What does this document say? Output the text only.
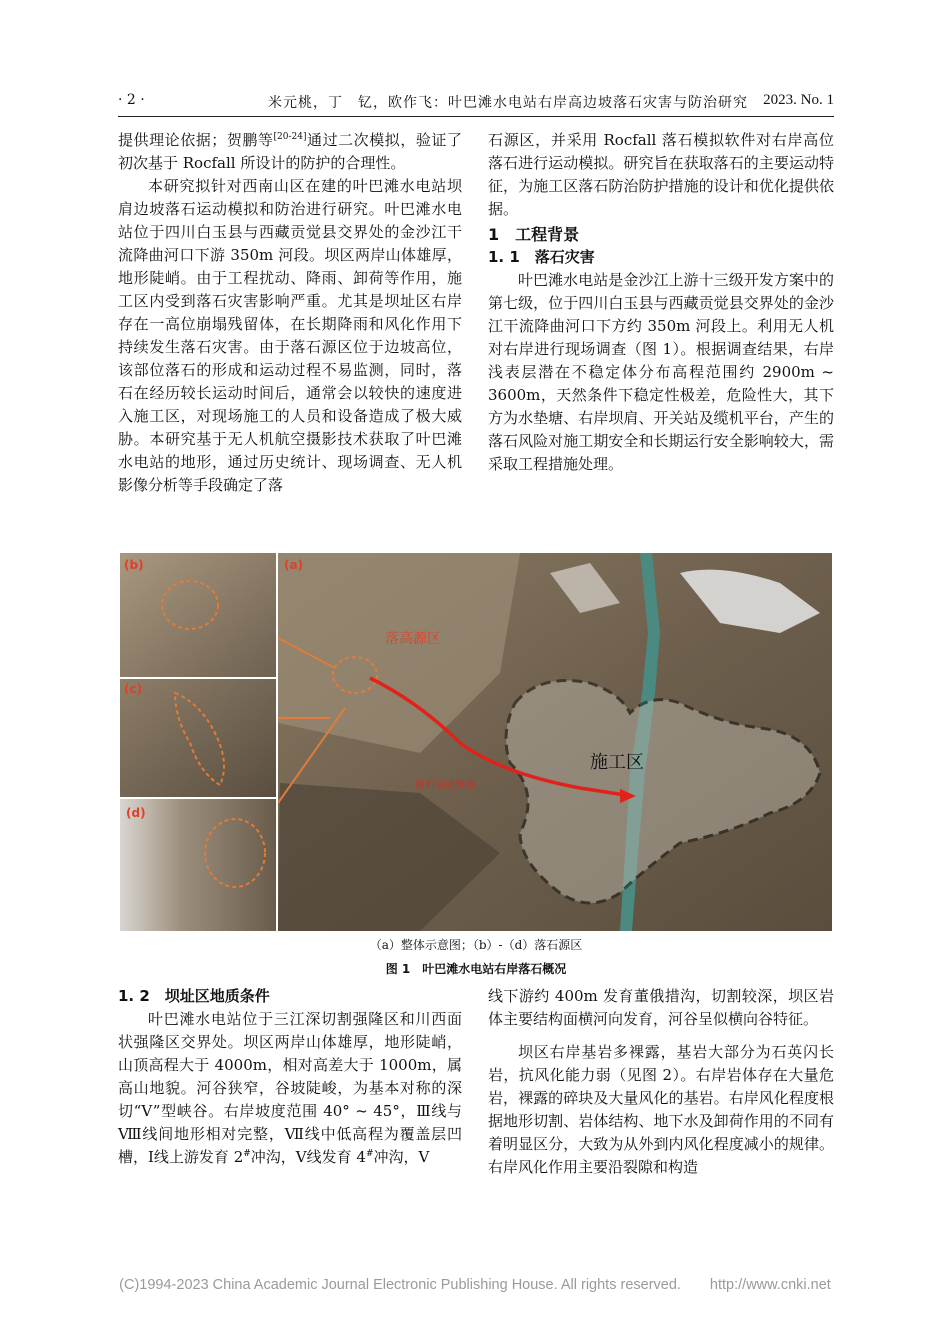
· 2 ·	米元桃，丁　钇，欧作飞：叶巴滩水电站右岸高边坡落石灾害与防治研究 2023. No. 1

提供理论依据；贺鹏等[20-24]通过二次模拟，验证了初次基于 Rocfall 所设计的防护的合理性。

本研究拟针对西南山区在建的叶巴滩水电站坝肩边坡落石运动模拟和防治进行研究。叶巴滩水电站位于四川白玉县与西藏贡觉县交界处的金沙江干流降曲河口下游 350m 河段。坝区两岸山体雄厚，地形陡峭。由于工程扰动、降雨、卸荷等作用，施工区内受到落石灾害影响严重。尤其是坝址区右岸存在一高位崩塌残留体，在长期降雨和风化作用下持续发生落石灾害。由于落石源区位于边坡高位，该部位落石的形成和运动过程不易监测，同时，落石在经历较长运动时间后，通常会以较快的速度进入施工区，对现场施工的人员和设备造成了极大威胁。本研究基于无人机航空摄影技术获取了叶巴滩水电站的地形，通过历史统计、现场调查、无人机影像分析等手段确定了落

石源区，并采用 Rocfall 落石模拟软件对右岸高位落石进行运动模拟。研究旨在获取落石的主要运动特征，为施工区落石防治防护措施的设计和优化提供依据。

1　工程背景

1. 1　落石灾害

叶巴滩水电站是金沙江上游十三级开发方案中的第七级，位于四川白玉县与西藏贡觉县交界处的金沙江干流降曲河口下方约 350m 河段上。利用无人机对右岸进行现场调查（图 1）。根据调查结果，右岸浅表层潜在不稳定体分布高程范围约 2900m ~ 3600m，天然条件下稳定性极差，危险性大，其下方为水垫塘、右岸坝肩、开关站及缆机平台，产生的落石风险对施工期安全和长期运行安全影响较大，需采取工程措施处理。

施工区
落高源区
落石运动轨迹
(a)
(b)
(c)
(d)
（a）整体示意图；（b）-（d）落石源区
图 1　叶巴滩水电站右岸落石概况

1. 2　坝址区地质条件

叶巴滩水电站位于三江深切割强隆区和川西面状强隆区交界处。坝区两岸山体雄厚，地形陡峭，山顶高程大于 4000m，相对高差大于 1000m，属高山地貌。河谷狭窄，谷坡陡峻，为基本对称的深切“V”型峡谷。右岸坡度范围 40° ~ 45°，Ⅲ线与Ⅷ线间地形相对完整，Ⅶ线中低高程为覆盖层凹槽，Ⅰ线上游发育 2#冲沟，Ⅴ线发育 4#冲沟，Ⅴ

线下游约 400m 发育董俄措沟，切割较深，坝区岩体主要结构面横河向发育，河谷呈似横向谷特征。

坝区右岸基岩多裸露，基岩大部分为石英闪长岩，抗风化能力弱（见图 2）。右岸岩体存在大量危岩，裸露的碎块及大量风化的基岩。右岸风化程度根据地形切割、岩体结构、地下水及卸荷作用的不同有着明显区分，大致为从外到内风化程度减小的规律。右岸风化作用主要沿裂隙和构造

(C)1994-2023 China Academic Journal Electronic Publishing House. All rights reserved.　　http://www.cnki.net
